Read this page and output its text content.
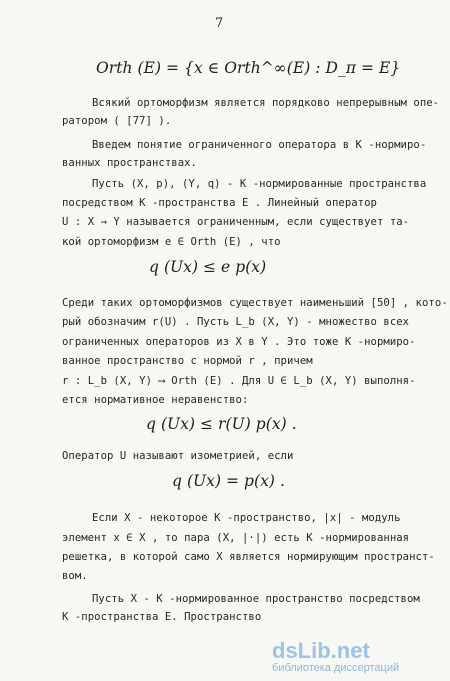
7
Orth (E) = {x ∈ Orth^∞(E) : D_π = E}
Всякий ортоморфизм является порядково непрерывным опе-
ратором ( [77] ).
Введем понятие ограниченного оператора в K -нормиро-
ванных пространствах.
Пусть (X, p), (Y, q) - K -нормированные пространства
посредством K -пространства E . Линейный оператор
U : X → Y называется ограниченным, если существует та-
кой ортоморфизм e ∈ Orth (E) , что
q (Ux) ≤ e p(x)
Среди таких ортоморфизмов существует наименьший [50] , кото-
рый обозначим r(U) . Пусть L_b (X, Y) - множество всех
ограниченных операторов из X в Y . Это тоже K -нормиро-
ванное пространство с нормой r , причем
r : L_b (X, Y) ⟶ Orth (E) . Для U ∈ L_b (X, Y) выполня-
ется нормативное неравенство:
q (Ux) ≤ r(U) p(x) .
Оператор U называют изометрией, если
q (Ux) = p(x) .
Если X - некоторое K -пространство, |x| - модуль
элемент x ∈ X , то пара (X, |·|) есть K -нормированная
решетка, в которой само X является нормирующим пространст-
вом.
Пусть X - K -нормированное пространство посредством
K -пространства E. Пространство
dsLib.net
библиотека диссертаций
